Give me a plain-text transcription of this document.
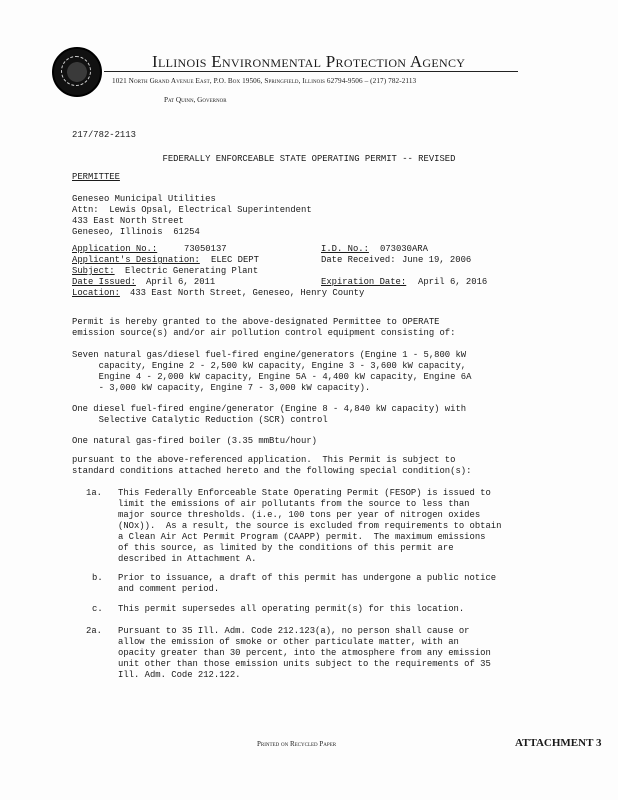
Illinois Environmental Protection Agency
1021 North Grand Avenue East, P.O. Box 19506, Springfield, Illinois 62794-9506 – (217) 782-2113
Pat Quinn, Governor
217/782-2113
FEDERALLY ENFORCEABLE STATE OPERATING PERMIT -- REVISED
PERMITTEE
Geneseo Municipal Utilities
Attn:  Lewis Opsal, Electrical Superintendent
433 East North Street
Geneseo, Illinois  61254
Application No.:	73050137	I.D. No.: 073030ARA
Applicant's Designation: ELEC DEPT	Date Received: June 19, 2006
Subject: Electric Generating Plant
Date Issued: April 6, 2011	Expiration Date: April 6, 2016
Location: 433 East North Street, Geneseo, Henry County
Permit is hereby granted to the above-designated Permittee to OPERATE
emission source(s) and/or air pollution control equipment consisting of:
Seven natural gas/diesel fuel-fired engine/generators (Engine 1 - 5,800 kW
capacity, Engine 2 - 2,500 kW capacity, Engine 3 - 3,600 kW capacity,
Engine 4 - 2,000 kW capacity, Engine 5A - 4,400 kW capacity, Engine 6A
- 3,000 kW capacity, Engine 7 - 3,000 kW capacity).
One diesel fuel-fired engine/generator (Engine 8 - 4,840 kW capacity) with
Selective Catalytic Reduction (SCR) control
One natural gas-fired boiler (3.35 mmBtu/hour)
pursuant to the above-referenced application.  This Permit is subject to
standard conditions attached hereto and the following special condition(s):
1a. This Federally Enforceable State Operating Permit (FESOP) is issued to
limit the emissions of air pollutants from the source to less than
major source thresholds. (i.e., 100 tons per year of nitrogen oxides
(NOx)).  As a result, the source is excluded from requirements to obtain
a Clean Air Act Permit Program (CAAPP) permit.  The maximum emissions
of this source, as limited by the conditions of this permit are
described in Attachment A.
b. Prior to issuance, a draft of this permit has undergone a public notice
and comment period.
c. This permit supersedes all operating permit(s) for this location.
2a. Pursuant to 35 Ill. Adm. Code 212.123(a), no person shall cause or
allow the emission of smoke or other particulate matter, with an
opacity greater than 30 percent, into the atmosphere from any emission
unit other than those emission units subject to the requirements of 35
Ill. Adm. Code 212.122.
Printed on Recycled Paper	ATTACHMENT 3
